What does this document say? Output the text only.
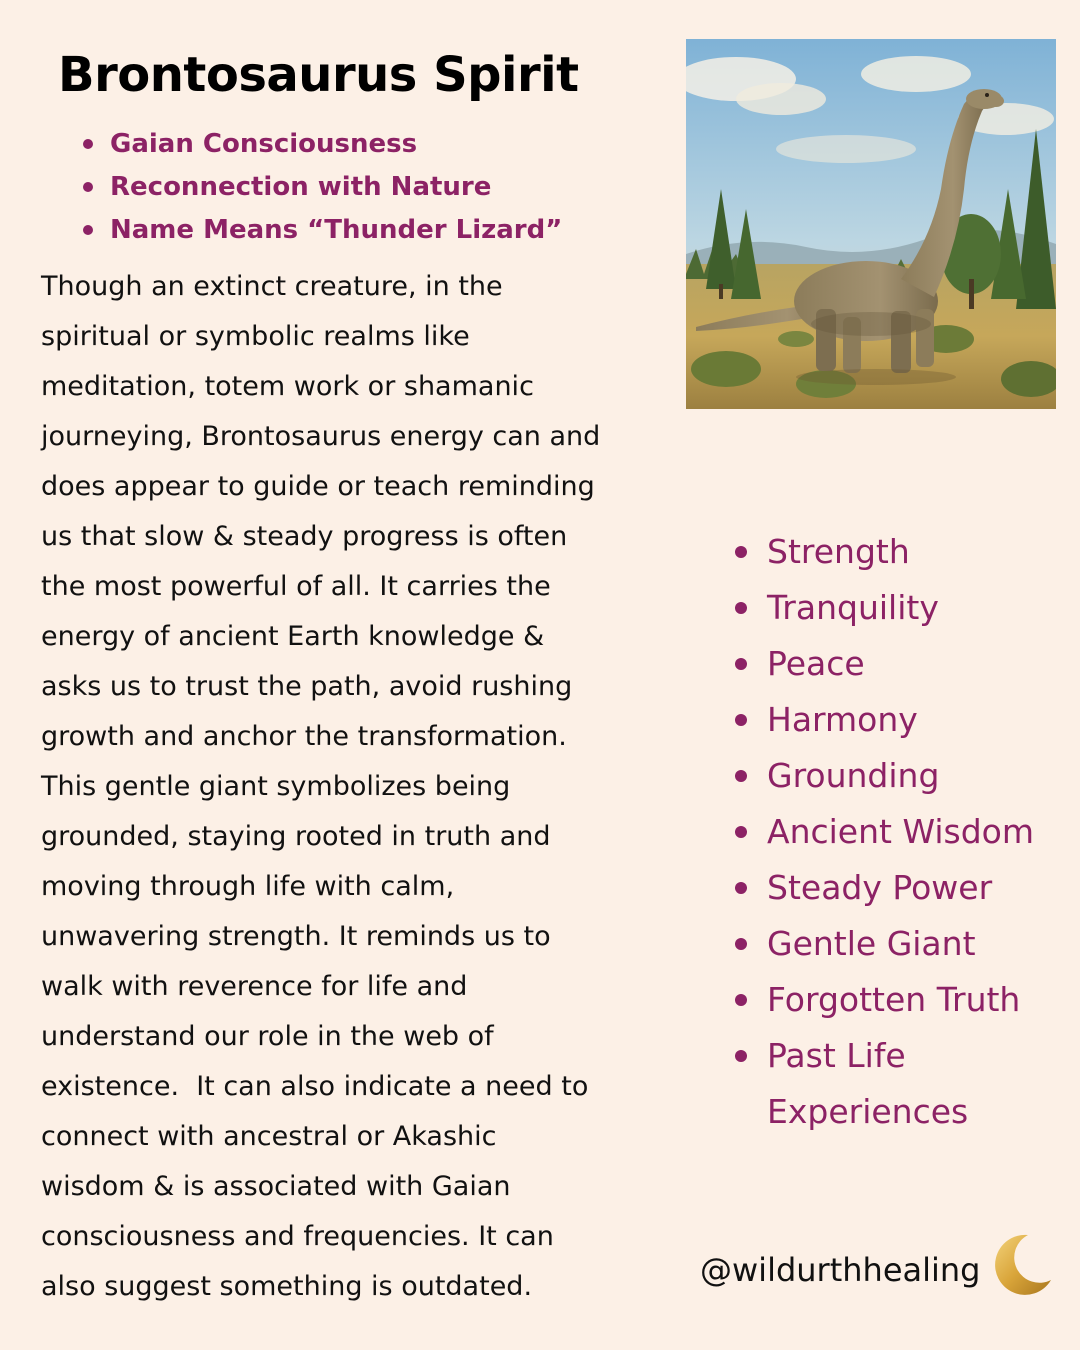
Brontosaurus Spirit
Gaian Consciousness
Reconnection with Nature
Name Means “Thunder Lizard”
Though an extinct creature, in the
spiritual or symbolic realms like
meditation, totem work or shamanic
journeying, Brontosaurus energy can and
does appear to guide or teach reminding
us that slow & steady progress is often
the most powerful of all. It carries the
energy of ancient Earth knowledge &
asks us to trust the path, avoid rushing
growth and anchor the transformation.
This gentle giant symbolizes being
grounded, staying rooted in truth and
moving through life with calm,
unwavering strength. It reminds us to
walk with reverence for life and
understand our role in the web of
existence.  It can also indicate a need to
connect with ancestral or Akashic
wisdom & is associated with Gaian
consciousness and frequencies. It can
also suggest something is outdated.
Strength
Tranquility
Peace
Harmony
Grounding
Ancient Wisdom
Steady Power
Gentle Giant
Forgotten Truth
Past Life
Experiences
@wildurthhealing
